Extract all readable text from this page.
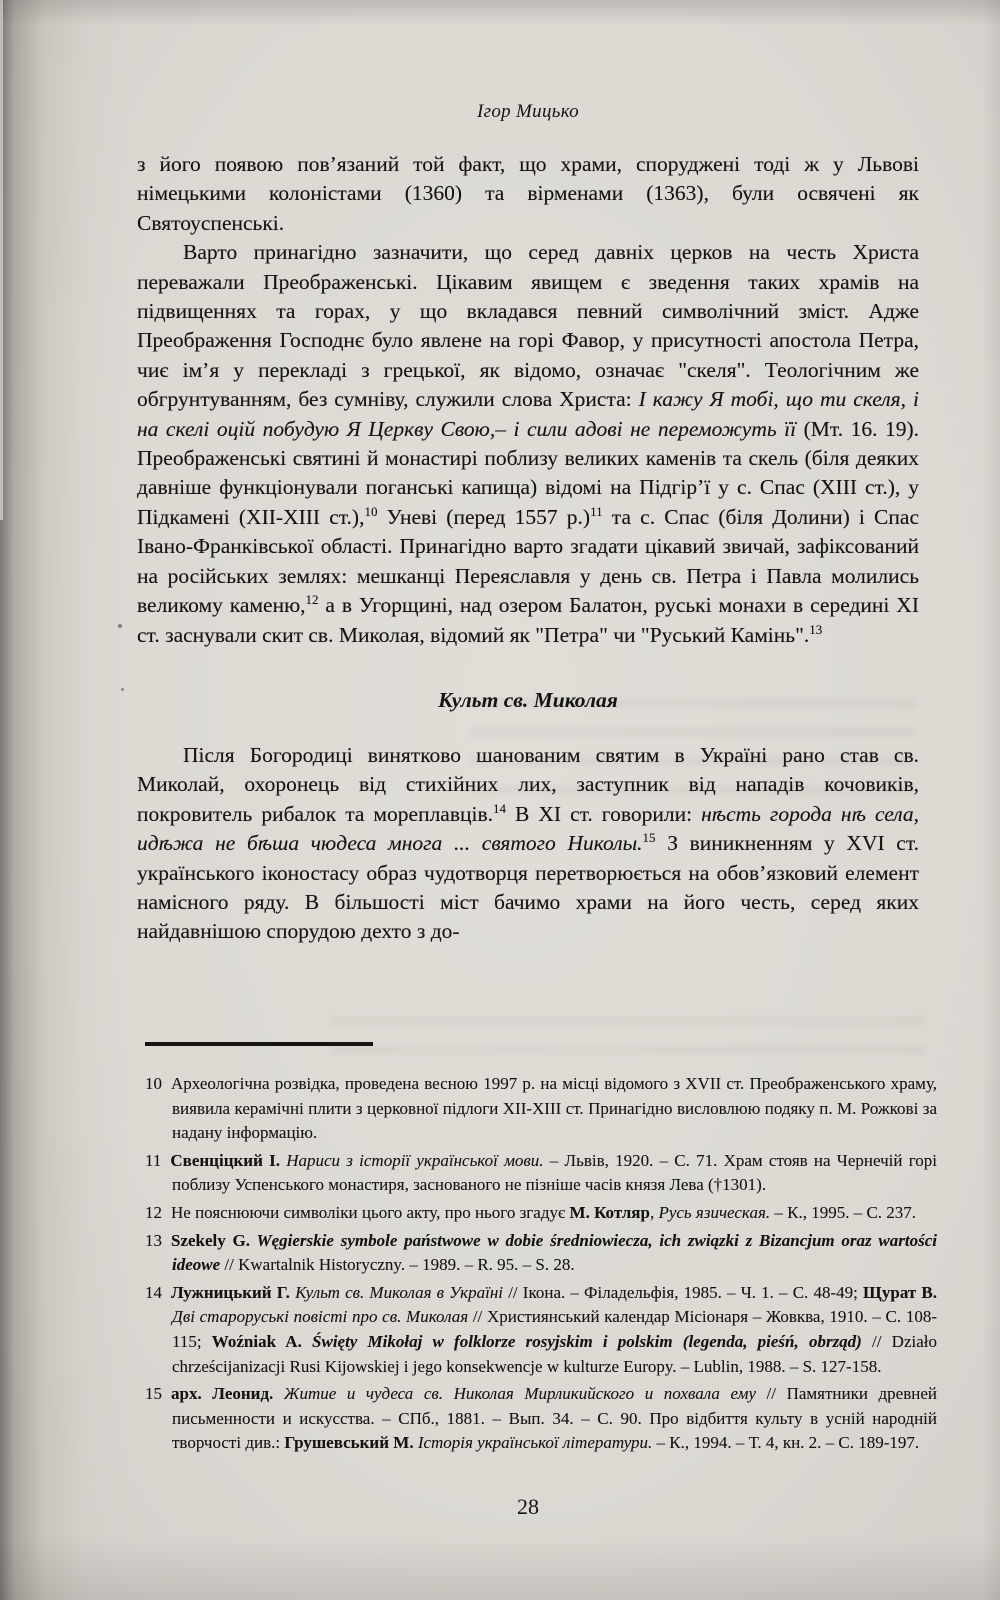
Ігор Мицько

з його появою пов’язаний той факт, що храми, споруджені тоді ж у Львові німецькими колоністами (1360) та вірменами (1363), були освячені як Святоуспенські.

Варто принагідно зазначити, що серед давніх церков на честь Христа переважали Преображенські. Цікавим явищем є зведення таких храмів на підвищеннях та горах, у що вкладався певний символічний зміст. Адже Преображення Господнє було явлене на горі Фавор, у присутності апостола Петра, чиє ім’я у перекладі з грецької, як відомо, означає "скеля". Теологічним же обгрунтуванням, без сумніву, служили слова Христа: І кажу Я тобі, що ти скеля, і на скелі оцій побудую Я Церкву Свою,– і сили адові не переможуть її (Мт. 16. 19). Преображенські святині й монастирі поблизу великих каменів та скель (біля деяких давніше функціонували поганські капища) відомі на Підгір’ї у с. Спас (XIII ст.), у Підкамені (XII-XIII ст.),$^{10}$ Уневі (перед 1557 р.)$^{11}$ та с. Спас (біля Долини) і Спас Івано-Франківської області. Принагідно варто згадати цікавий звичай, зафіксований на російських землях: мешканці Переяславля у день св. Петра і Павла молились великому каменю,$^{12}$ а в Угорщині, над озером Балатон, руські монахи в середині XI ст. заснували скит св. Миколая, відомий як "Петра" чи "Руський Камінь".$^{13}$

Культ св. Миколая

Після Богородиці винятково шанованим святим в Україні рано став св. Миколай, охоронець від стихійних лих, заступник від нападів кочовиків, покровитель рибалок та мореплавців.$^{14}$ В XI ст. говорили: нѣсть города нѣ села, идѣжа не бѣша чюдеса многа ... святого Николы.$^{15}$ З виникненням у XVI ст. українського іконостасу образ чудотворця перетворюється на обов’язковий елемент намісного ряду. В більшості міст бачимо храми на його честь, серед яких найдавнішою спорудою дехто з до-

10 Археологічна розвідка, проведена весною 1997 р. на місці відомого з XVII ст. Преображенського храму, виявила керамічні плити з церковної підлоги XII-XIII ст. Принагідно висловлюю подяку п. М. Рожкові за надану інформацію.
11 Свенціцкий І. Нариси з історії української мови. – Львів, 1920. – С. 71. Храм стояв на Чернечій горі поблизу Успенського монастиря, заснованого не пізніше часів князя Лева (†1301).
12 Не пояснюючи символіки цього акту, про нього згадує М. Котляр, Русь язическая. – К., 1995. – С. 237.
13 Szekely G. Węgierskie symbole państwowe w dobie średniowiecza, ich związki z Bizancjum oraz wartości ideowe // Kwartalnik Historyczny. – 1989. – R. 95. – S. 28.
14 Лужницький Г. Культ св. Миколая в Україні // Ікона. – Філадельфія, 1985. – Ч. 1. – С. 48-49; Щурат В. Дві староруські повісті про св. Миколая // Християнський календар Місіонаря – Жовква, 1910. – С. 108-115; Woźniak A. Święty Mikołaj w folklorze rosyjskim i polskim (legenda, pieśń, obrząd) // Działo chrześcijanizacji Rusi Kijowskiej i jego konsekwencje w kulturze Europy. – Lublin, 1988. – S. 127-158.
15 арх. Леонид. Житие и чудеса св. Николая Мирликийского и похвала ему // Памятники древней письменности и искусства. – СПб., 1881. – Вып. 34. – С. 90. Про відбиття культу в усній народній творчості див.: Грушевський М. Історія української літератури. – К., 1994. – Т. 4, кн. 2. – С. 189-197.
28
